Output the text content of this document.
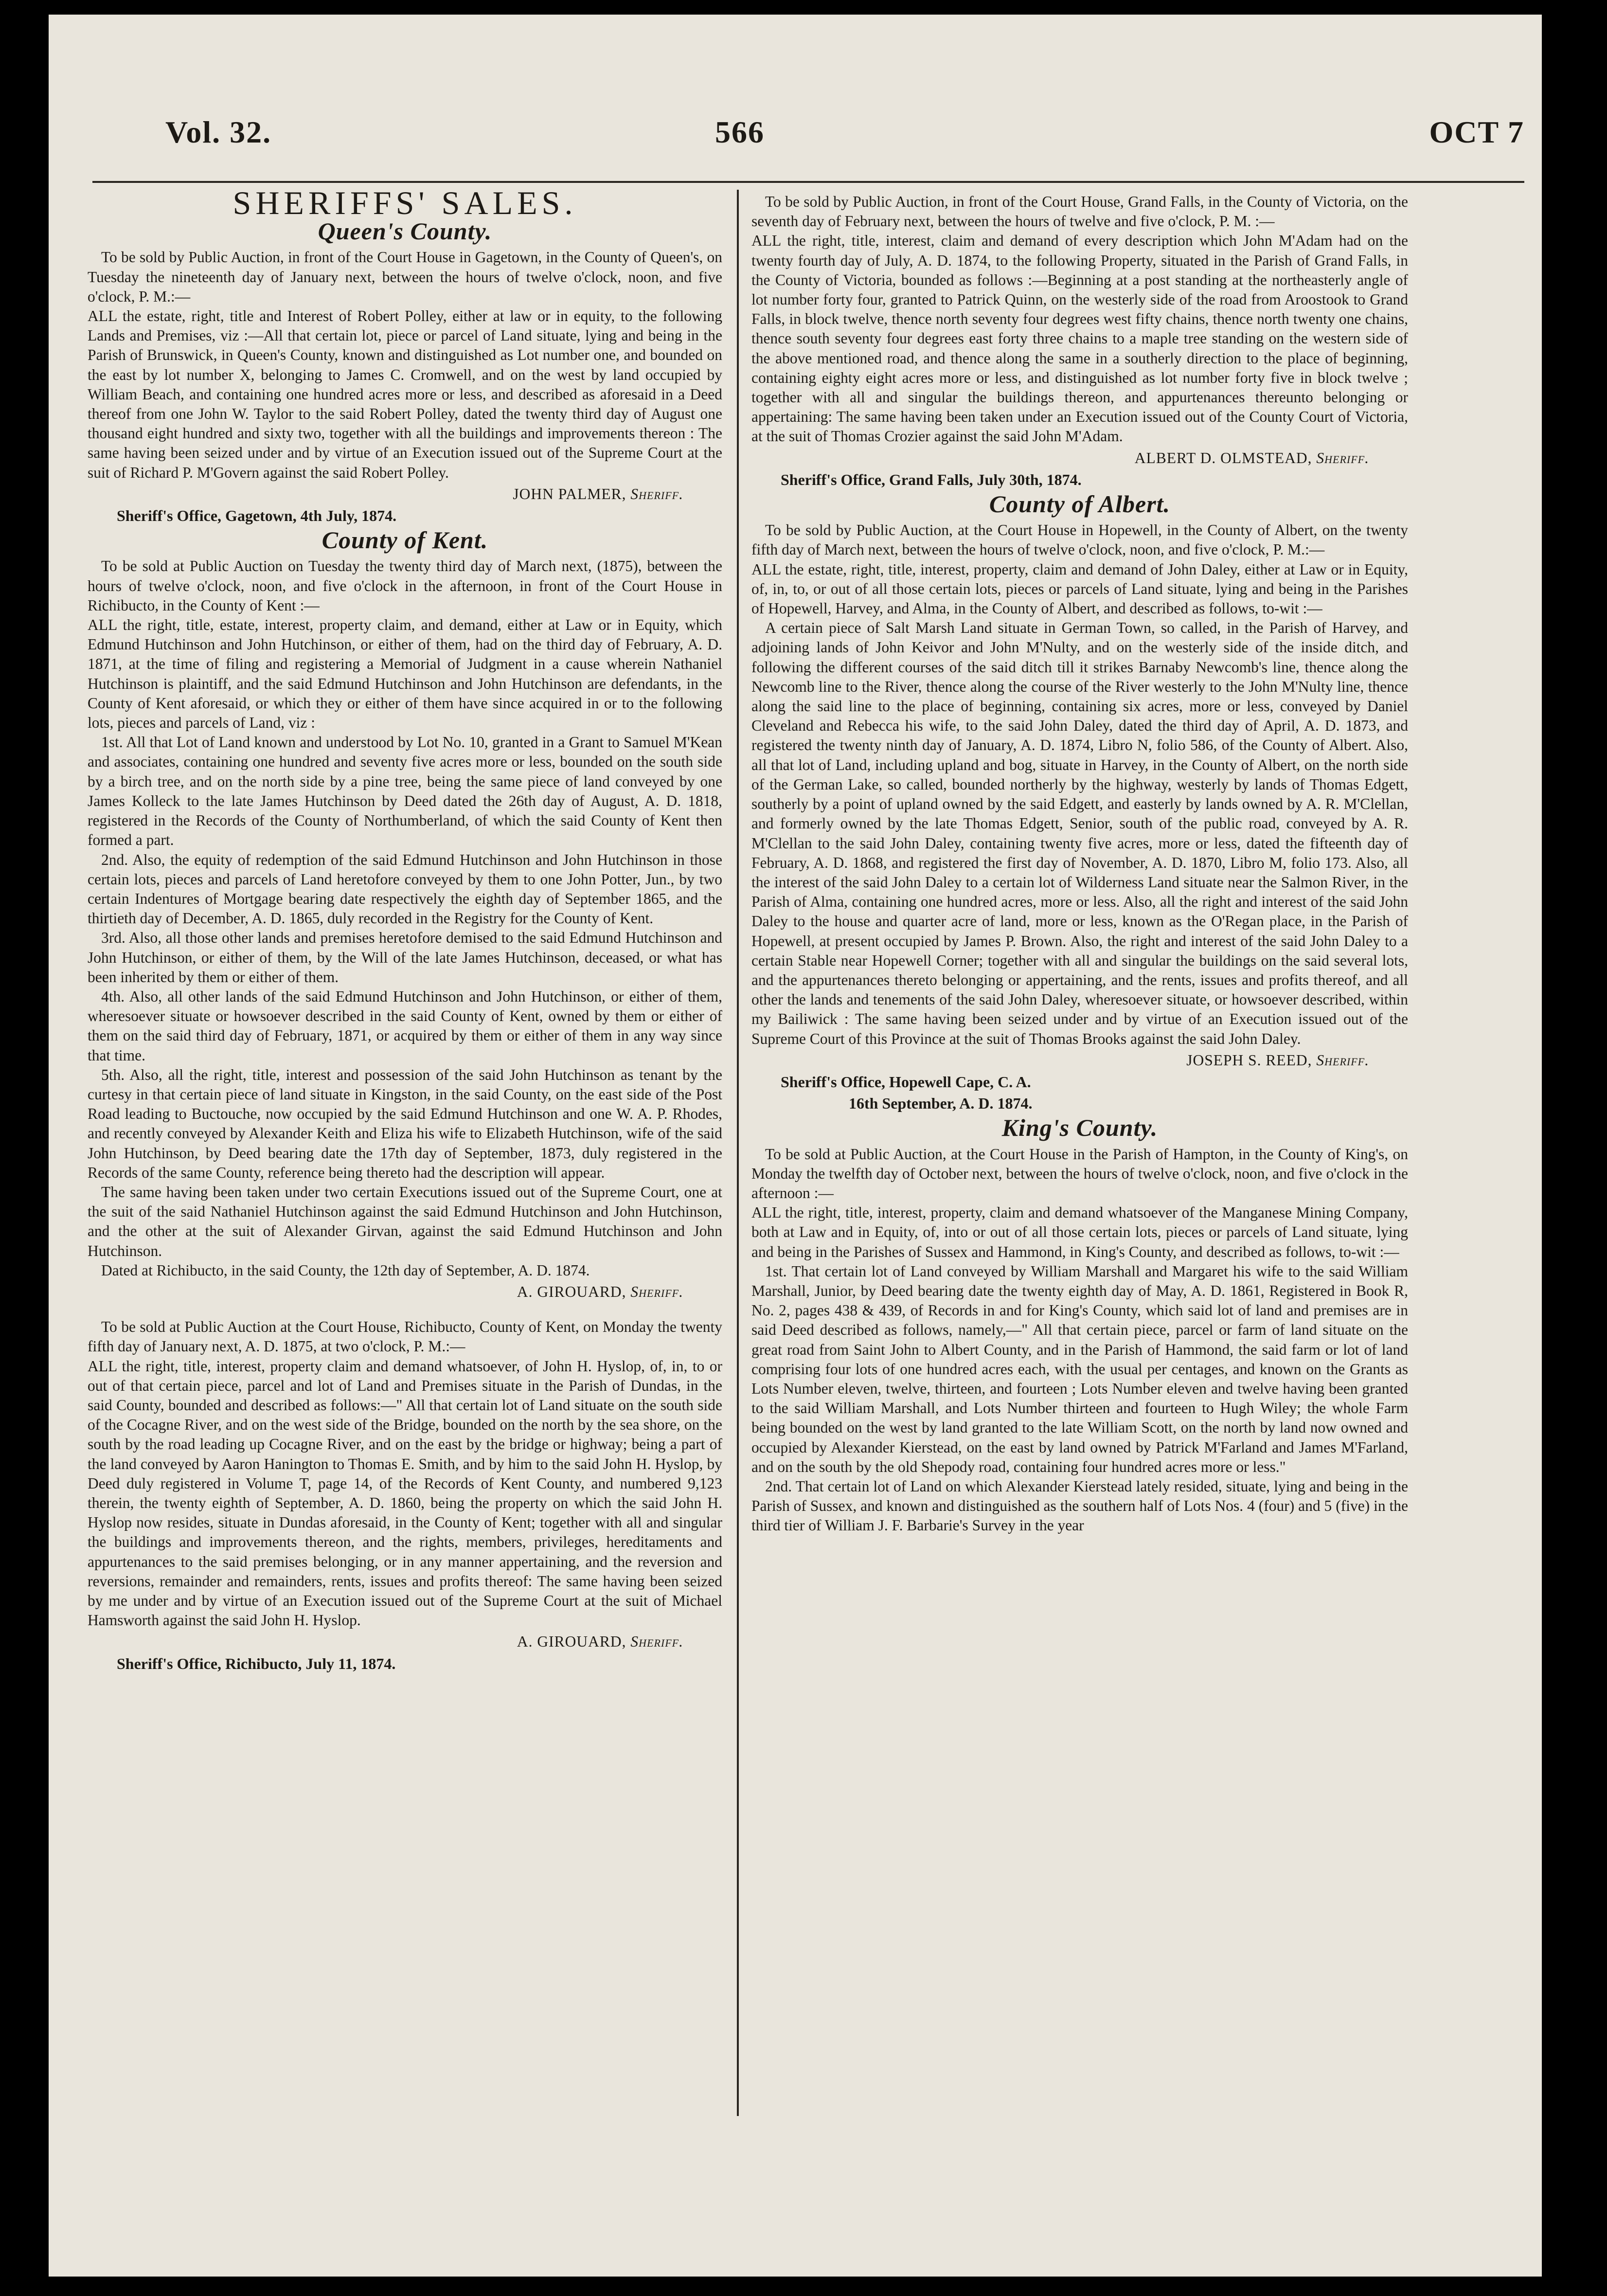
Vol. 32.	566	OCT 7
SHERIFFS' SALES.
Queen's County.

To be sold by Public Auction, in front of the Court House in Gagetown, in the County of Queen's, on Tuesday the nineteenth day of January next, between the hours of twelve o'clock, noon, and five o'clock, P. M.:—

ALL the estate, right, title and Interest of Robert Polley, either at law or in equity, to the following Lands and Premises, viz :—All that certain lot, piece or parcel of Land situate, lying and being in the Parish of Brunswick, in Queen's County, known and distinguished as Lot number one, and bounded on the east by lot number X, belonging to James C. Cromwell, and on the west by land occupied by William Beach, and containing one hundred acres more or less, and described as aforesaid in a Deed thereof from one John W. Taylor to the said Robert Polley, dated the twenty third day of August one thousand eight hundred and sixty two, together with all the buildings and improvements thereon : The same having been seized under and by virtue of an Execution issued out of the Supreme Court at the suit of Richard P. M'Govern against the said Robert Polley.

JOHN PALMER, Sheriff.
Sheriff's Office, Gagetown, 4th July, 1874.
County of Kent.

To be sold at Public Auction on Tuesday the twenty third day of March next, (1875), between the hours of twelve o'clock, noon, and five o'clock in the afternoon, in front of the Court House in Richibucto, in the County of Kent :—

ALL the right, title, estate, interest, property claim, and demand, either at Law or in Equity, which Edmund Hutchinson and John Hutchinson, or either of them, had on the third day of February, A. D. 1871, at the time of filing and registering a Memorial of Judgment in a cause wherein Nathaniel Hutchinson is plaintiff, and the said Edmund Hutchinson and John Hutchinson are defendants, in the County of Kent aforesaid, or which they or either of them have since acquired in or to the following lots, pieces and parcels of Land, viz :

1st. All that Lot of Land known and understood by Lot No. 10, granted in a Grant to Samuel M'Kean and associates, containing one hundred and seventy five acres more or less, bounded on the south side by a birch tree, and on the north side by a pine tree, being the same piece of land conveyed by one James Kolleck to the late James Hutchinson by Deed dated the 26th day of August, A. D. 1818, registered in the Records of the County of Northumberland, of which the said County of Kent then formed a part.

2nd. Also, the equity of redemption of the said Edmund Hutchinson and John Hutchinson in those certain lots, pieces and parcels of Land heretofore conveyed by them to one John Potter, Jun., by two certain Indentures of Mortgage bearing date respectively the eighth day of September 1865, and the thirtieth day of December, A. D. 1865, duly recorded in the Registry for the County of Kent.

3rd. Also, all those other lands and premises heretofore demised to the said Edmund Hutchinson and John Hutchinson, or either of them, by the Will of the late James Hutchinson, deceased, or what has been inherited by them or either of them.

4th. Also, all other lands of the said Edmund Hutchinson and John Hutchinson, or either of them, wheresoever situate or howsoever described in the said County of Kent, owned by them or either of them on the said third day of February, 1871, or acquired by them or either of them in any way since that time.

5th. Also, all the right, title, interest and possession of the said John Hutchinson as tenant by the curtesy in that certain piece of land situate in Kingston, in the said County, on the east side of the Post Road leading to Buctouche, now occupied by the said Edmund Hutchinson and one W. A. P. Rhodes, and recently conveyed by Alexander Keith and Eliza his wife to Elizabeth Hutchinson, wife of the said John Hutchinson, by Deed bearing date the 17th day of September, 1873, duly registered in the Records of the same County, reference being thereto had the description will appear.

The same having been taken under two certain Executions issued out of the Supreme Court, one at the suit of the said Nathaniel Hutchinson against the said Edmund Hutchinson and John Hutchinson, and the other at the suit of Alexander Girvan, against the said Edmund Hutchinson and John Hutchinson.

Dated at Richibucto, in the said County, the 12th day of September, A. D. 1874.

A. GIROUARD, Sheriff.

To be sold at Public Auction at the Court House, Richibucto, County of Kent, on Monday the twenty fifth day of January next, A. D. 1875, at two o'clock, P. M.:—

ALL the right, title, interest, property claim and demand whatsoever, of John H. Hyslop, of, in, to or out of that certain piece, parcel and lot of Land and Premises situate in the Parish of Dundas, in the said County, bounded and described as follows:—" All that certain lot of Land situate on the south side of the Cocagne River, and on the west side of the Bridge, bounded on the north by the sea shore, on the south by the road leading up Cocagne River, and on the east by the bridge or highway; being a part of the land conveyed by Aaron Hanington to Thomas E. Smith, and by him to the said John H. Hyslop, by Deed duly registered in Volume T, page 14, of the Records of Kent County, and numbered 9,123 therein, the twenty eighth of September, A. D. 1860, being the property on which the said John H. Hyslop now resides, situate in Dundas aforesaid, in the County of Kent; together with all and singular the buildings and improvements thereon, and the rights, members, privileges, hereditaments and appurtenances to the said premises belonging, or in any manner appertaining, and the reversion and reversions, remainder and remainders, rents, issues and profits thereof: The same having been seized by me under and by virtue of an Execution issued out of the Supreme Court at the suit of Michael Hamsworth against the said John H. Hyslop.

A. GIROUARD, Sheriff.
Sheriff's Office, Richibucto, July 11, 1874.

To be sold by Public Auction, in front of the Court House, Grand Falls, in the County of Victoria, on the seventh day of February next, between the hours of twelve and five o'clock, P. M. :—

ALL the right, title, interest, claim and demand of every description which John M'Adam had on the twenty fourth day of July, A. D. 1874, to the following Property, situated in the Parish of Grand Falls, in the County of Victoria, bounded as follows :—Beginning at a post standing at the northeasterly angle of lot number forty four, granted to Patrick Quinn, on the westerly side of the road from Aroostook to Grand Falls, in block twelve, thence north seventy four degrees west fifty chains, thence north twenty one chains, thence south seventy four degrees east forty three chains to a maple tree standing on the western side of the above mentioned road, and thence along the same in a southerly direction to the place of beginning, containing eighty eight acres more or less, and distinguished as lot number forty five in block twelve ; together with all and singular the buildings thereon, and appurtenances thereunto belonging or appertaining: The same having been taken under an Execution issued out of the County Court of Victoria, at the suit of Thomas Crozier against the said John M'Adam.

ALBERT D. OLMSTEAD, Sheriff.
Sheriff's Office, Grand Falls, July 30th, 1874.
County of Albert.

To be sold by Public Auction, at the Court House in Hopewell, in the County of Albert, on the twenty fifth day of March next, between the hours of twelve o'clock, noon, and five o'clock, P. M.:—

ALL the estate, right, title, interest, property, claim and demand of John Daley, either at Law or in Equity, of, in, to, or out of all those certain lots, pieces or parcels of Land situate, lying and being in the Parishes of Hopewell, Harvey, and Alma, in the County of Albert, and described as follows, to-wit :—

A certain piece of Salt Marsh Land situate in German Town, so called, in the Parish of Harvey, and adjoining lands of John Keivor and John M'Nulty, and on the westerly side of the inside ditch, and following the different courses of the said ditch till it strikes Barnaby Newcomb's line, thence along the Newcomb line to the River, thence along the course of the River westerly to the John M'Nulty line, thence along the said line to the place of beginning, containing six acres, more or less, conveyed by Daniel Cleveland and Rebecca his wife, to the said John Daley, dated the third day of April, A. D. 1873, and registered the twenty ninth day of January, A. D. 1874, Libro N, folio 586, of the County of Albert. Also, all that lot of Land, including upland and bog, situate in Harvey, in the County of Albert, on the north side of the German Lake, so called, bounded northerly by the highway, westerly by lands of Thomas Edgett, southerly by a point of upland owned by the said Edgett, and easterly by lands owned by A. R. M'Clellan, and formerly owned by the late Thomas Edgett, Senior, south of the public road, conveyed by A. R. M'Clellan to the said John Daley, containing twenty five acres, more or less, dated the fifteenth day of February, A. D. 1868, and registered the first day of November, A. D. 1870, Libro M, folio 173. Also, all the interest of the said John Daley to a certain lot of Wilderness Land situate near the Salmon River, in the Parish of Alma, containing one hundred acres, more or less. Also, all the right and interest of the said John Daley to the house and quarter acre of land, more or less, known as the O'Regan place, in the Parish of Hopewell, at present occupied by James P. Brown. Also, the right and interest of the said John Daley to a certain Stable near Hopewell Corner; together with all and singular the buildings on the said several lots, and the appurtenances thereto belonging or appertaining, and the rents, issues and profits thereof, and all other the lands and tenements of the said John Daley, wheresoever situate, or howsoever described, within my Bailiwick : The same having been seized under and by virtue of an Execution issued out of the Supreme Court of this Province at the suit of Thomas Brooks against the said John Daley.

JOSEPH S. REED, Sheriff.
Sheriff's Office, Hopewell Cape, C. A.
16th September, A. D. 1874.
King's County.

To be sold at Public Auction, at the Court House in the Parish of Hampton, in the County of King's, on Monday the twelfth day of October next, between the hours of twelve o'clock, noon, and five o'clock in the afternoon :—

ALL the right, title, interest, property, claim and demand whatsoever of the Manganese Mining Company, both at Law and in Equity, of, into or out of all those certain lots, pieces or parcels of Land situate, lying and being in the Parishes of Sussex and Hammond, in King's County, and described as follows, to-wit :—

1st. That certain lot of Land conveyed by William Marshall and Margaret his wife to the said William Marshall, Junior, by Deed bearing date the twenty eighth day of May, A. D. 1861, Registered in Book R, No. 2, pages 438 & 439, of Records in and for King's County, which said lot of land and premises are in said Deed described as follows, namely,—" All that certain piece, parcel or farm of land situate on the great road from Saint John to Albert County, and in the Parish of Hammond, the said farm or lot of land comprising four lots of one hundred acres each, with the usual per centages, and known on the Grants as Lots Number eleven, twelve, thirteen, and fourteen ; Lots Number eleven and twelve having been granted to the said William Marshall, and Lots Number thirteen and fourteen to Hugh Wiley; the whole Farm being bounded on the west by land granted to the late William Scott, on the north by land now owned and occupied by Alexander Kierstead, on the east by land owned by Patrick M'Farland and James M'Farland, and on the south by the old Shepody road, containing four hundred acres more or less."

2nd. That certain lot of Land on which Alexander Kierstead lately resided, situate, lying and being in the Parish of Sussex, and known and distinguished as the southern half of Lots Nos. 4 (four) and 5 (five) in the third tier of William J. F. Barbarie's Survey in the year
